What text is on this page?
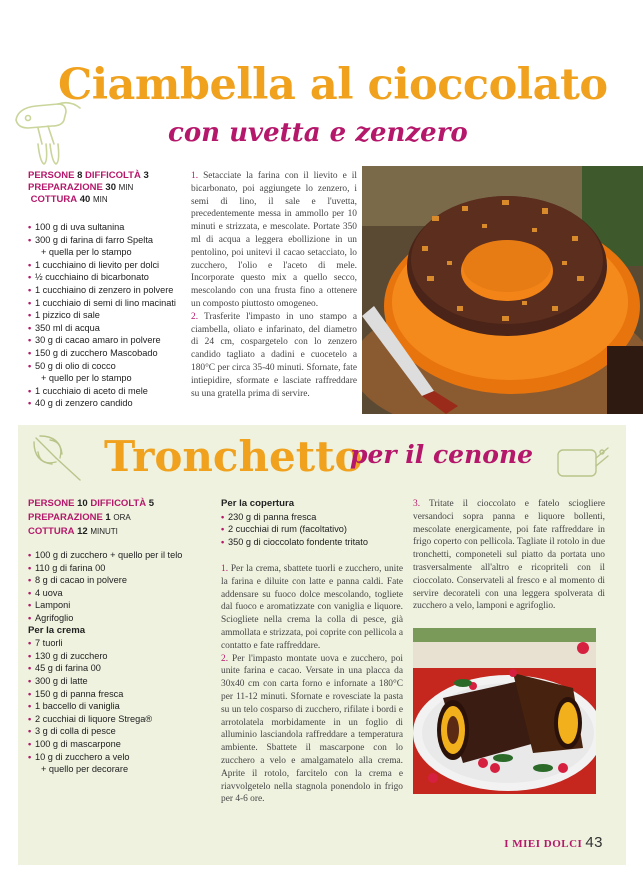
Ciambella al cioccolato
con uvetta e zenzero
PERSONE 8 DIFFICOLTÀ 3
PREPARAZIONE 30 MIN
COTTURA 40 MIN
• 100 g di uva sultanina
• 300 g di farina di farro Spelta
+ quella per lo stampo
• 1 cucchiaino di lievito per dolci
• ½ cucchiaino di bicarbonato
• 1 cucchiaino di zenzero in polvere
• 1 cucchiaio di semi di lino macinati
• 1 pizzico di sale
• 350 ml di acqua
• 30 g di cacao amaro in polvere
• 150 g di zucchero Mascobado
• 50 g di olio di cocco
+ quello per lo stampo
• 1 cucchiaio di aceto di mele
• 40 g di zenzero candido

1. Setacciate la farina con il lievito e il bicarbonato, poi aggiungete lo zenzero, i semi di lino, il sale e l'uvetta, precedentemente messa in ammollo per 10 minuti e strizzata, e mescolate. Portate 350 ml di acqua a leggera ebollizione in un pentolino, poi unitevi il cacao setacciato, lo zucchero, l'olio e l'aceto di mele. Incorporate questo mix a quello secco, mescolando con una frusta fino a ottenere un composto piuttosto omogeneo.

2. Trasferite l'impasto in uno stampo a ciambella, oliato e infarinato, del diametro di 24 cm, cospargetelo con lo zenzero candido tagliato a dadini e cuocetelo a 180°C per circa 35-40 minuti. Sfornate, fate intiepidire, sformate e lasciate raffreddare su una gratella prima di servire.

Tronchetto
per il cenone
PERSONE 10 DIFFICOLTÀ 5
PREPARAZIONE 1 ORA
COTTURA 12 MINUTI
• 100 g di zucchero + quello per il telo
• 110 g di farina 00
• 8 g di cacao in polvere
• 4 uova
• Lamponi
• Agrifoglio
Per la crema
• 7 tuorli
• 130 g di zucchero
• 45 g di farina 00
• 300 g di latte
• 150 g di panna fresca
• 1 baccello di vaniglia
• 2 cucchiai di liquore Strega®
• 3 g di colla di pesce
• 100 g di mascarpone
• 10 g di zucchero a velo
+ quello per decorare
Per la copertura
• 230 g di panna fresca
• 2 cucchiai di rum (facoltativo)
• 350 g di cioccolato fondente tritato

1. Per la crema, sbattete tuorli e zucchero, unite la farina e diluite con latte e panna caldi. Fate addensare su fuoco dolce mescolando, togliete dal fuoco e aromatizzate con vaniglia e liquore. Sciogliete nella crema la colla di pesce, già ammollata e strizzata, poi coprite con pellicola a contatto e fate raffreddare.

2. Per l'impasto montate uova e zucchero, poi unite farina e cacao. Versate in una placca da 30x40 cm con carta forno e infornate a 180°C per 11-12 minuti. Sfornate e rovesciate la pasta su un telo cosparso di zucchero, rifilate i bordi e arrotolatela morbidamente in un foglio di alluminio lasciandola raffreddare a temperatura ambiente. Sbattete il mascarpone con lo zucchero a velo e amalgamatelo alla crema. Aprite il rotolo, farcitelo con la crema e riavvolgetelo nella stagnola ponendolo in frigo per 4-6 ore.

3. Tritate il cioccolato e fatelo sciogliere versandoci sopra panna e liquore bollenti, mescolate energicamente, poi fate raffreddare in frigo coperto con pellicola. Tagliate il rotolo in due tronchetti, componeteli sul piatto da portata uno trasversalmente all'altro e ricopriteli con il cioccolato. Conservateli al fresco e al momento di servire decorateli con una leggera spolverata di zucchero a velo, lamponi e agrifoglio.

I MIEI DOLCI 43
